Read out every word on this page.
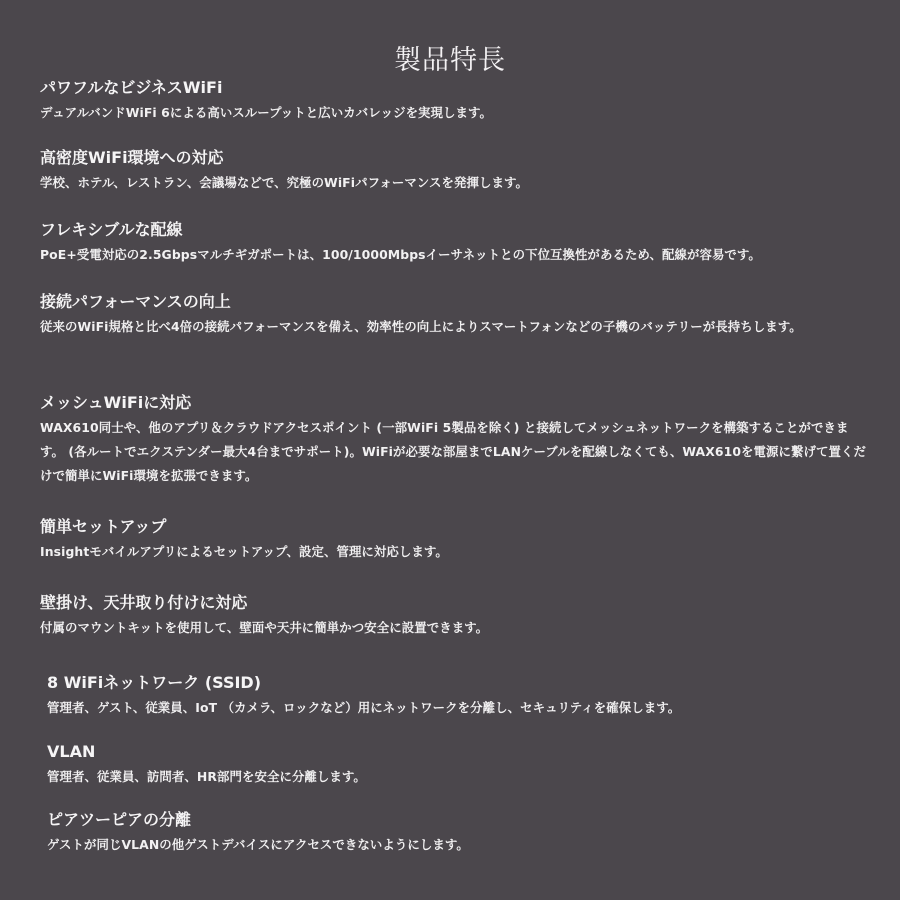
製品特長
パワフルなビジネスWiFi
デュアルバンドWiFi 6による高いスループットと広いカバレッジを実現します。
高密度WiFi環境への対応
学校、ホテル、レストラン、会議場などで、究極のWiFiパフォーマンスを発揮します。
フレキシブルな配線
PoE+受電対応の2.5Gbpsマルチギガポートは、100/1000Mbpsイーサネットとの下位互換性があるため、配線が容易です。
接続パフォーマンスの向上
従来のWiFi規格と比べ4倍の接続パフォーマンスを備え、効率性の向上によりスマートフォンなどの子機のバッテリーが長持ちします。
メッシュWiFiに対応
WAX610同士や、他のアプリ＆クラウドアクセスポイント (一部WiFi 5製品を除く) と接続してメッシュネットワークを構築することができます。 (各ルートでエクステンダー最大4台までサポート)。WiFiが必要な部屋までLANケーブルを配線しなくても、WAX610を電源に繋げて置くだけで簡単にWiFi環境を拡張できます。
簡単セットアップ
Insightモバイルアプリによるセットアップ、設定、管理に対応します。
壁掛け、天井取り付けに対応
付属のマウントキットを使用して、壁面や天井に簡単かつ安全に設置できます。
8 WiFiネットワーク (SSID)
管理者、ゲスト、従業員、IoT （カメラ、ロックなど）用にネットワークを分離し、セキュリティを確保します。
VLAN
管理者、従業員、訪問者、HR部門を安全に分離します。
ピアツーピアの分離
ゲストが同じVLANの他ゲストデバイスにアクセスできないようにします。
